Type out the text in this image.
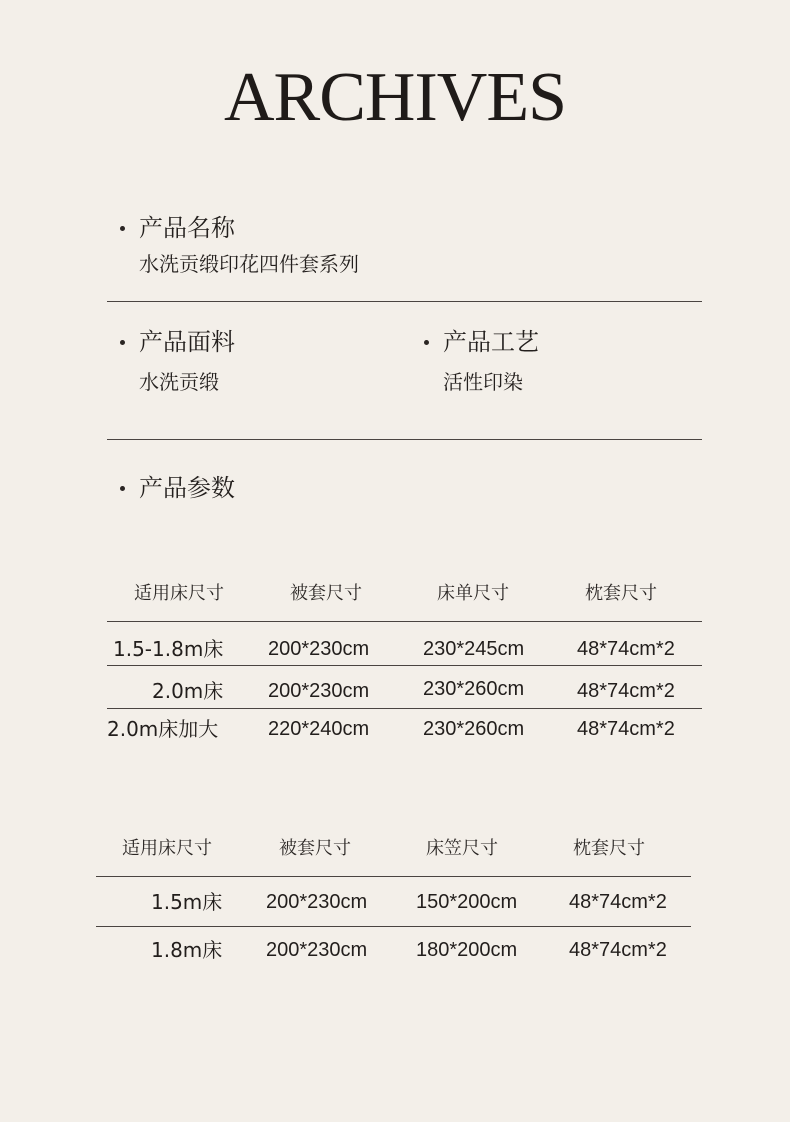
ARCHIVES
产品名称
水洗贡缎印花四件套系列
产品面料
水洗贡缎
产品工艺
活性印染
产品参数
适用床尺寸	被套尺寸	床单尺寸	枕套尺寸
1.5-1.8m床 200*230cm	230*245cm	48*74cm*2
2.0m床 200*230cm	230*260cm	48*74cm*2
2.0m床加大 220*240cm	230*260cm	48*74cm*2
适用床尺寸	被套尺寸	床笠尺寸	枕套尺寸
1.5m床 200*230cm 150*200cm	48*74cm*2
1.8m床 200*230cm 180*200cm	48*74cm*2
